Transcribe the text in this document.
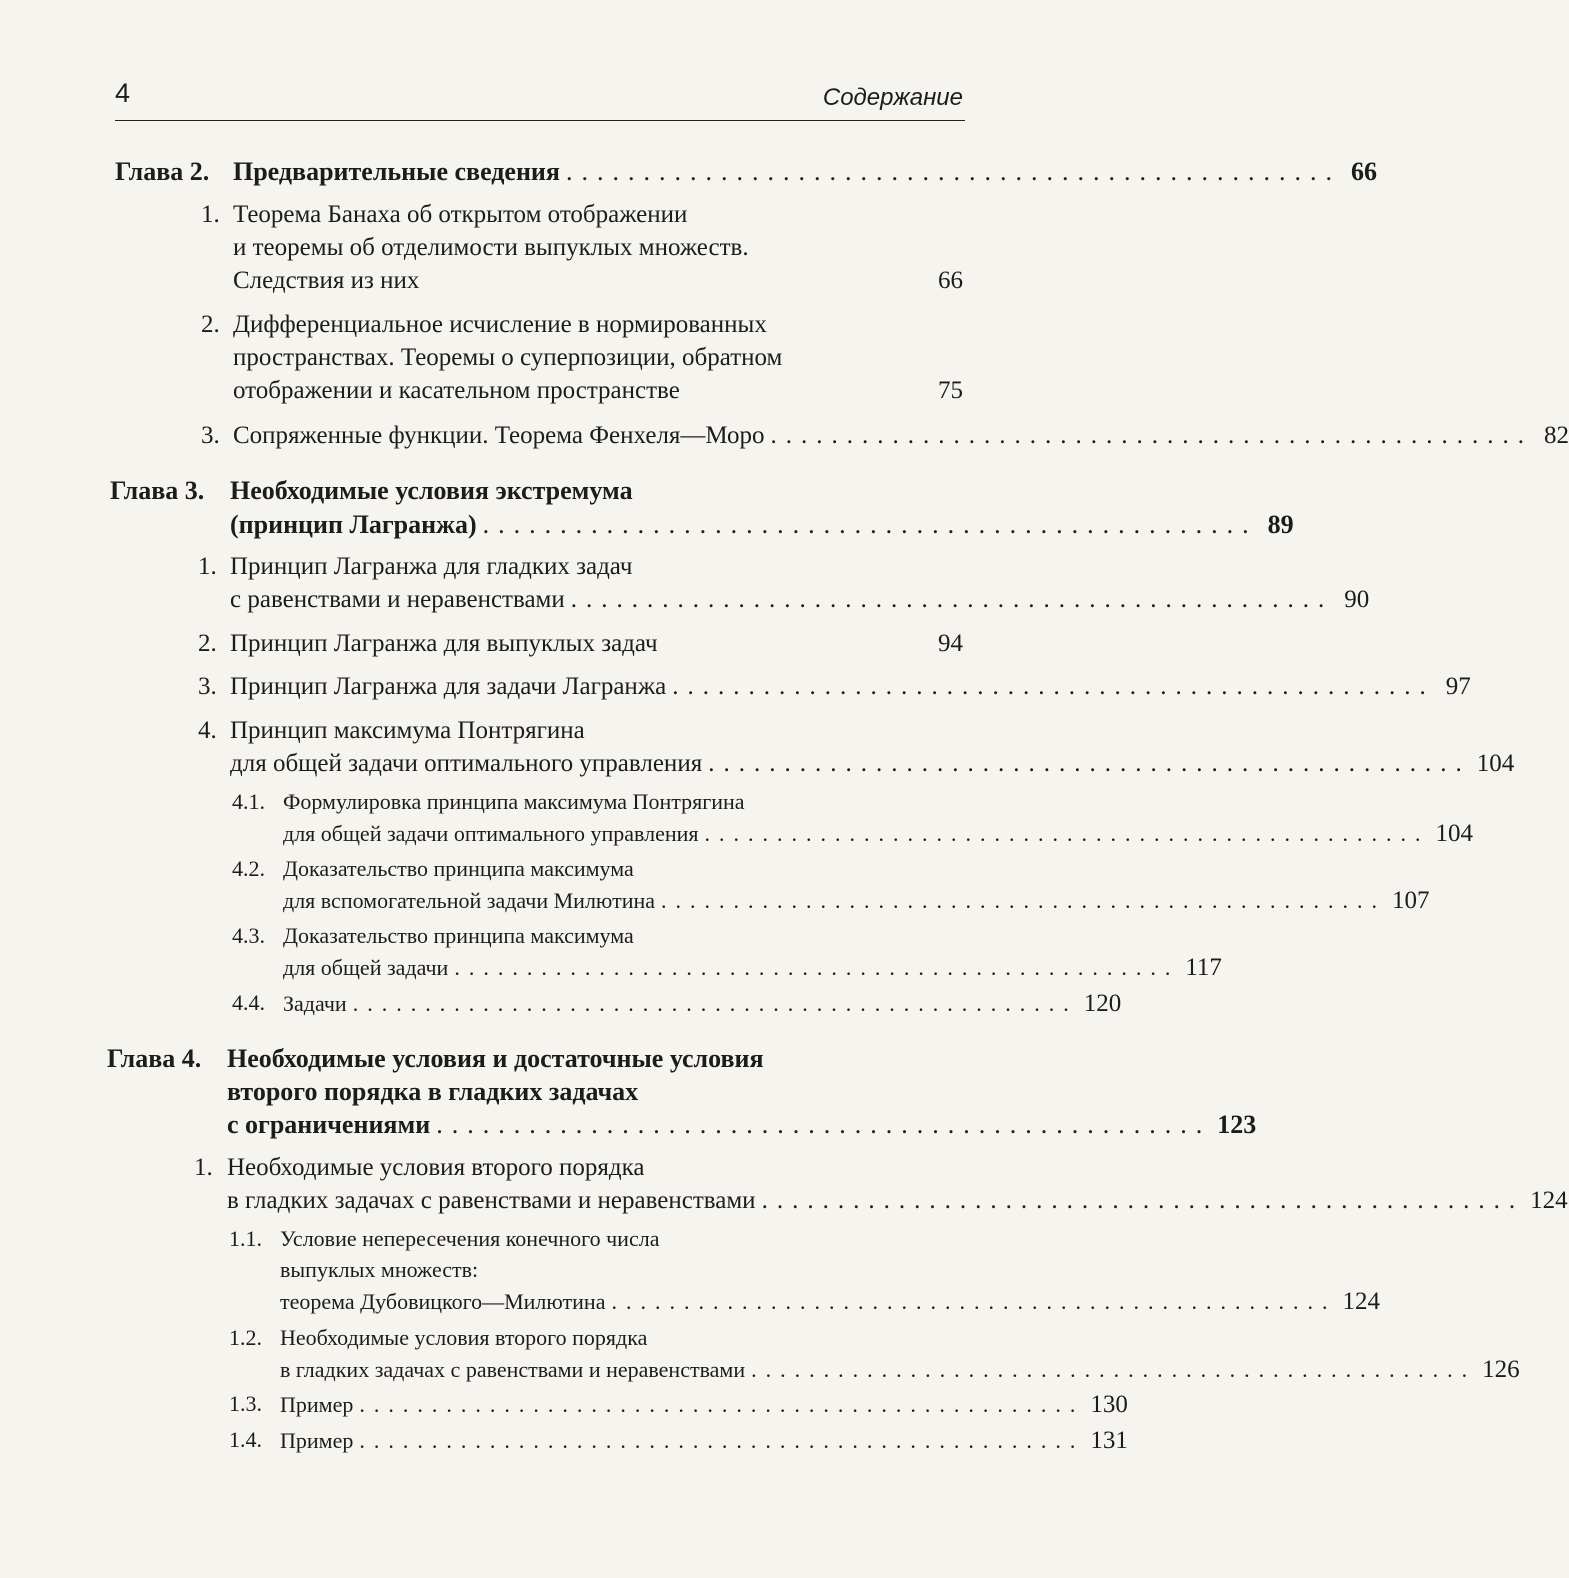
4	Содержание
Глава 2. Предварительные сведения .................................................. 66
1. Теорема Банаха об открытом отображении
и теоремы об отделимости выпуклых множеств.
Следствия из них	66
2. Дифференциальное исчисление в нормированных
пространствах. Теоремы о суперпозиции, обратном
отображении и касательном пространстве	75
3. Сопряженные функции. Теорема Фенхеля—Моро .................................................. 82
Глава 3. Необходимые условия экстремума
(принцип Лагранжа) .................................................. 89
1. Принцип Лагранжа для гладких задач
с равенствами и неравенствами .................................................. 90
2. Принцип Лагранжа для выпуклых задач	94
3. Принцип Лагранжа для задачи Лагранжа .................................................. 97
4. Принцип максимума Понтрягина
для общей задачи оптимального управления .................................................. 104
4.1. Формулировка принципа максимума Понтрягина
для общей задачи оптимального управления .................................................. 104
4.2. Доказательство принципа максимума
для вспомогательной задачи Милютина .................................................. 107
4.3. Доказательство принципа максимума
для общей задачи .................................................. 117
4.4. Задачи .................................................. 120
Глава 4. Необходимые условия и достаточные условия
второго порядка в гладких задачах
с ограничениями .................................................. 123
1. Необходимые условия второго порядка
в гладких задачах с равенствами и неравенствами .................................................. 124
1.1. Условие непересечения конечного числа
выпуклых множеств:
теорема Дубовицкого—Милютина .................................................. 124
1.2. Необходимые условия второго порядка
в гладких задачах с равенствами и неравенствами .................................................. 126
1.3. Пример .................................................. 130
1.4. Пример .................................................. 131
